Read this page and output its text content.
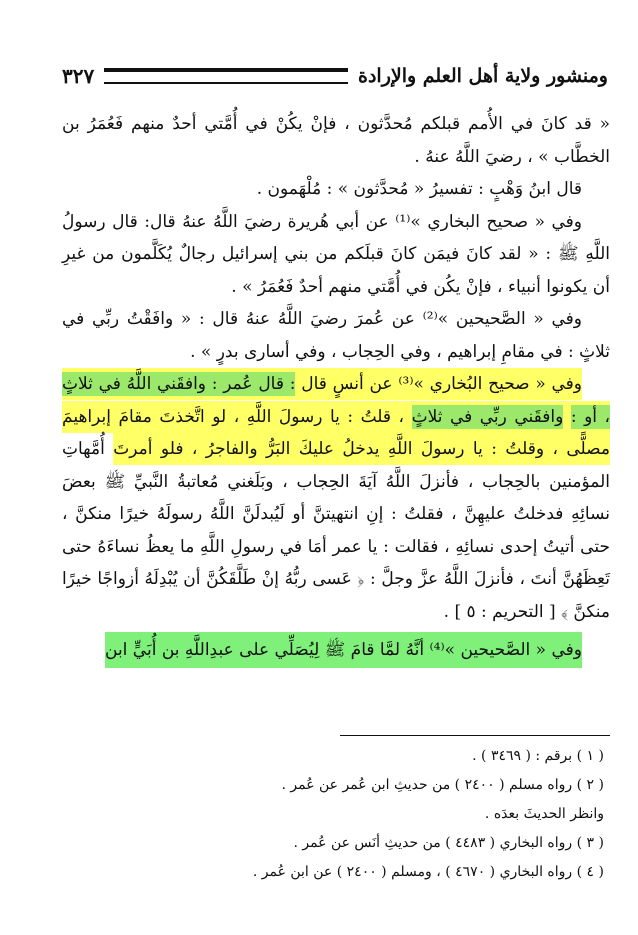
ومنشور ولاية أهل العلم والإرادة
٣٢٧

« قد كانَ في الأُمم قبلكم مُحدَّثون ، فإنْ يكُنْ في أُمَّتي أحدٌ منهم فَعُمَرُ بن الخطَّاب » ، رضيَ اللَّهُ عنهُ .

قال ابنُ وَهْبٍ : تفسيرُ « مُحدَّثون » : مُلْهَمون .

وفي « صحيح البخاري »⁽¹⁾ عن أبي هُريرة رضيَ اللَّهُ عنهُ قال: قال رسولُ اللَّهِ ﷺ : « لقد كانَ فيمَن كانَ قبلَكم من بني إسرائيل رجالٌ يُكَلَّمون من غيرِ أن يكونوا أنبياء ، فإنْ يكُن في أُمَّتي منهم أحدٌ فَعُمَرُ » .

وفي « الصَّحيحين »⁽²⁾ عن عُمرَ رضيَ اللَّهُ عنهُ قال : « وافَقْتُ ربِّي في ثلاثٍ : في مقامِ إبراهيم ، وفي الحِجاب ، وفي أسارى بدرٍ » .

وفي « صحيح البُخاري »⁽³⁾ عن أنسٍ قال : قال عُمر : وافقَني اللَّهُ في ثلاثٍ ، أو : وافقَني ربِّي في ثلاثٍ ، قلتُ : يا رسولَ اللَّهِ ، لو اتَّخذتَ مقامَ إبراهيمَ مصلًّى ، وقلتُ : يا رسولَ اللَّهِ يدخلُ عليكَ البَرُّ والفاجرُ ، فلو أمرتَ أُمَّهاتِ المؤمنين بالحِجاب ، فأنزلَ اللَّهُ آيَةَ الحِجاب ، وبَلَغني مُعاتبةُ النَّبيِّ ﷺ بعضَ نسائِهِ فدخلتُ عليهِنَّ ، فقلتُ : إنِ انتهيتنَّ أو لَيُبدلَنَّ اللَّهُ رسولَهُ خيرًا منكنَّ ، حتى أتيتُ إحدى نسائِهِ ، فقالت : يا عمر أمَا في رسولِ اللَّهِ ما يعظُ نساءَهُ حتى تَعِظَهُنَّ أنتَ ، فأنزلَ اللَّهُ عزَّ وجلَّ : ﴿ عَسى ربُّهُ إنْ طَلَّقَكُنَّ أن يُبْدِلَهُ أزواجًا خيرًا منكنَّ ﴾ [ التحريم : ٥ ] .

وفي « الصَّحيحين »⁽⁴⁾ أنَّهُ لمَّا قامَ ﷺ لِيُصَلِّي على عبدِاللَّهِ بن أُبَيٍّ ابن

( ١ ) برقم : ( ٣٤٦٩ ) .

( ٢ ) رواه مسلم ( ٢٤٠٠ ) من حديثِ ابن عُمر عن عُمر .

وانظر الحديثَ بعدَه .

( ٣ ) رواه البخاري ( ٤٤٨٣ ) من حديثِ أنَس عن عُمر .

( ٤ ) رواه البخاري ( ٤٦٧٠ ) ، ومسلم ( ٢٤٠٠ ) عن ابن عُمر .
